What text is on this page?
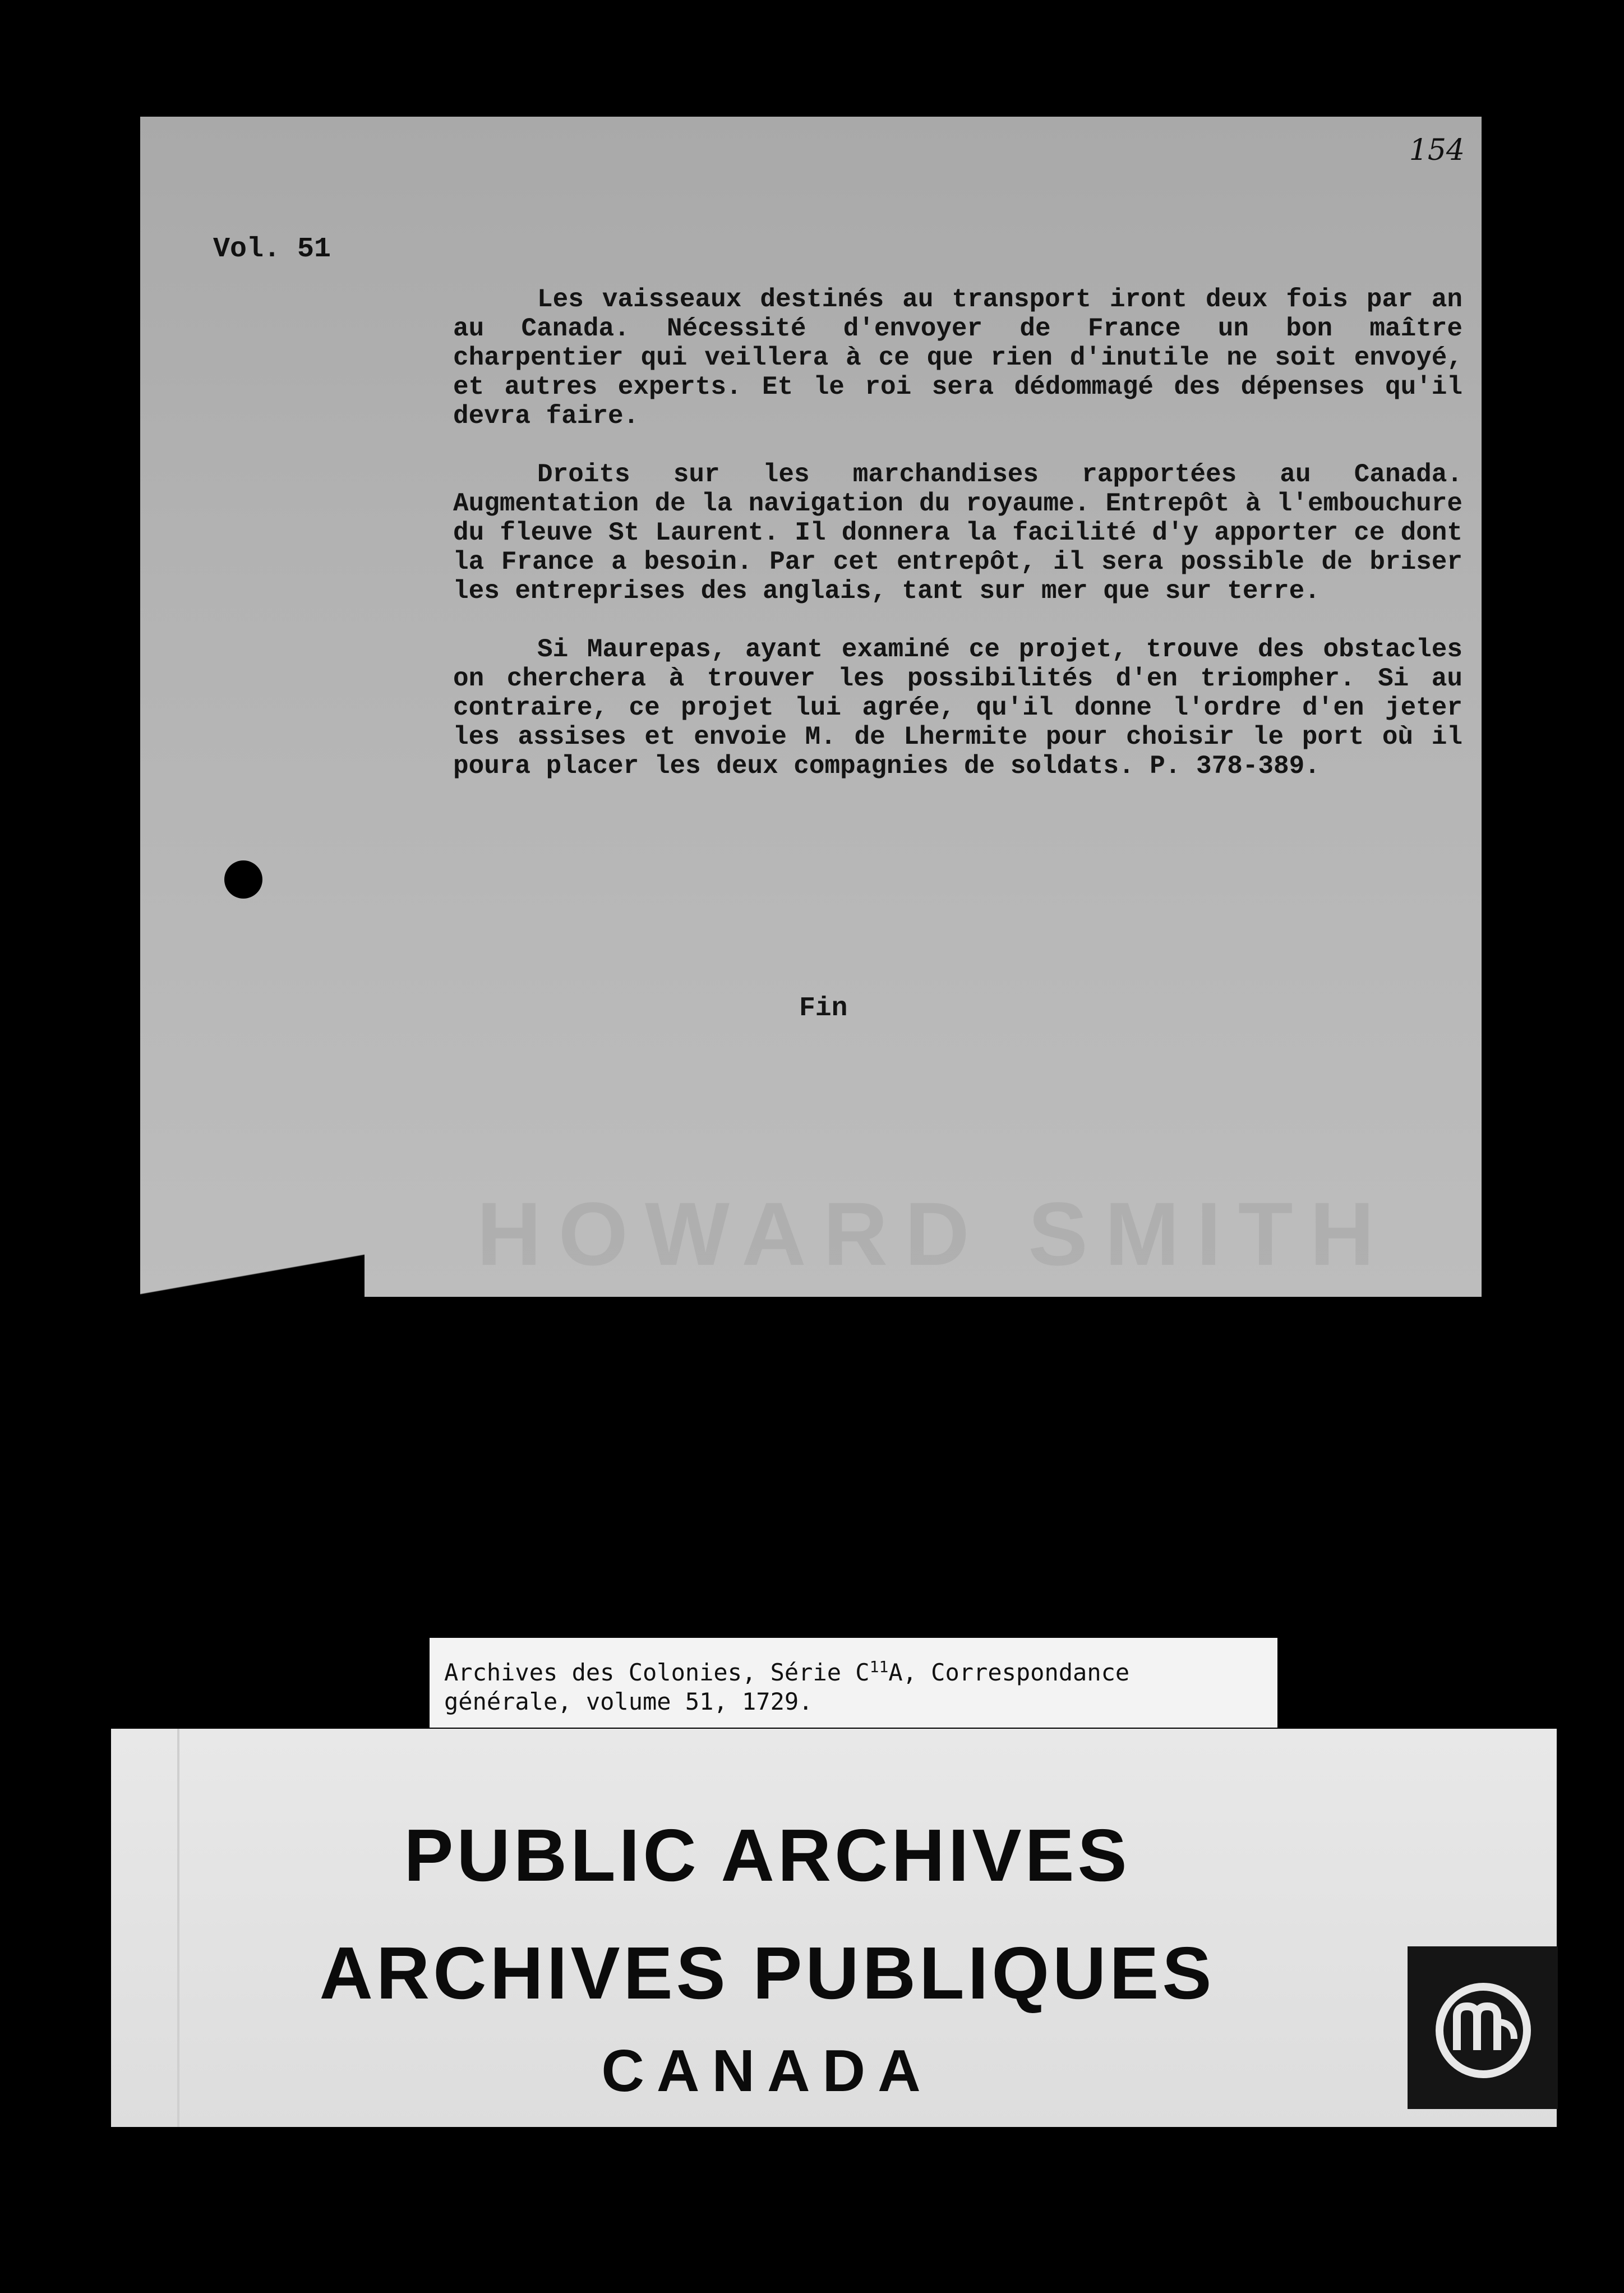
154
Vol. 51

Les vaisseaux destinés au transport iront deux fois par an au Canada. Nécessité d'envoyer de France un bon maître charpentier qui veillera à ce que rien d'inutile ne soit envoyé, et autres experts. Et le roi sera dédommagé des dépenses qu'il devra faire.

Droits sur les marchandises rapportées au Canada. Augmentation de la navigation du royaume. Entrepôt à l'embouchure du fleuve St Laurent. Il donnera la facilité d'y apporter ce dont la France a besoin. Par cet entrepôt, il sera possible de briser les entreprises des anglais, tant sur mer que sur terre.

Si Maurepas, ayant examiné ce projet, trouve des obstacles on cherchera à trouver les possibilités d'en triompher. Si au contraire, ce projet lui agrée, qu'il donne l'ordre d'en jeter les assises et envoie M. de Lhermite pour choisir le port où il poura placer les deux compagnies de soldats. P. 378-389.

Fin
HOWARD SMITH
Archives des Colonies, Série $C^{11}A$, Correspondance
générale, volume 51, 1729.
PUBLIC ARCHIVES
ARCHIVES PUBLIQUES
CANADA
